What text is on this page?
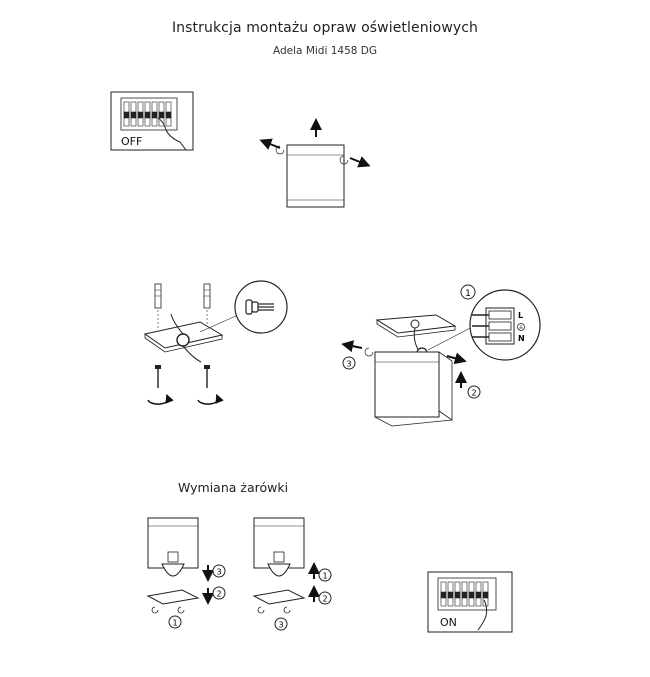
Instrukcja montażu opraw oświetleniowych
Adela Midi 1458 DG
Wymiana żarówki
OFF
1
L
N
3
2
3
2
1
1
2
3	ON
